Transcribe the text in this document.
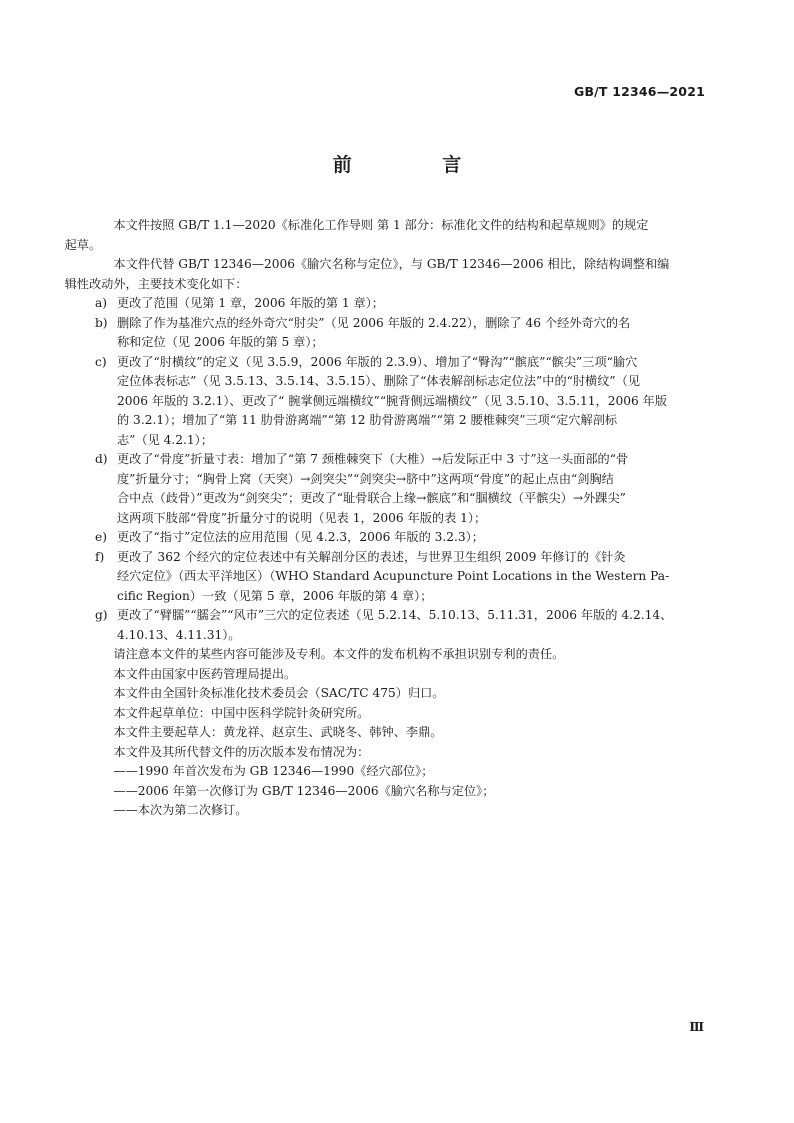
GB/T 12346—2021
前 言

本文件按照 GB/T 1.1—2020《标准化工作导则 第 1 部分：标准化文件的结构和起草规则》的规定
起草。

本文件代替 GB/T 12346—2006《腧穴名称与定位》，与 GB/T 12346—2006 相比，除结构调整和编
辑性改动外，主要技术变化如下：

a) 更改了范围（见第 1 章，2006 年版的第 1 章）；
b) 删除了作为基准穴点的经外奇穴“肘尖”（见 2006 年版的 2.4.22），删除了 46 个经外奇穴的名
称和定位（见 2006 年版的第 5 章）；
c) 更改了“肘横纹”的定义（见 3.5.9，2006 年版的 2.3.9）、增加了“臀沟”“髌底”“髌尖”三项“腧穴
定位体表标志”（见 3.5.13、3.5.14、3.5.15）、删除了“体表解剖标志定位法”中的“肘横纹”（见
2006 年版的 3.2.1）、更改了“ 腕掌侧远端横纹”“腕背侧远端横纹”（见 3.5.10、3.5.11，2006 年版
的 3.2.1）；增加了“第 11 肋骨游离端”“第 12 肋骨游离端”“第 2 腰椎棘突”三项“定穴解剖标
志”（见 4.2.1）；
d) 更改了“骨度”折量寸表：增加了“第 7 颈椎棘突下（大椎）→后发际正中 3 寸”这一头面部的“骨
度”折量分寸；“胸骨上窝（天突）→剑突尖”“剑突尖→脐中”这两项“骨度”的起止点由“剑胸结
合中点（歧骨）”更改为“剑突尖”；更改了“耻骨联合上缘→髌底”和“腘横纹（平髌尖）→外踝尖”
这两项下肢部“骨度”折量分寸的说明（见表 1，2006 年版的表 1）；
e) 更改了“指寸”定位法的应用范围（见 4.2.3，2006 年版的 3.2.3）；
f)	更改了 362 个经穴的定位表述中有关解剖分区的表述，与世界卫生组织 2009 年修订的《针灸
经穴定位》（西太平洋地区）（WHO Standard Acupuncture Point Locations in the Western Pa-
cific Region）一致（见第 5 章，2006 年版的第 4 章）；
g) 更改了“臂臑”“臑会”“风市”三穴的定位表述（见 5.2.14、5.10.13、5.11.31，2006 年版的 4.2.14、
4.10.13、4.11.31）。

请注意本文件的某些内容可能涉及专利。本文件的发布机构不承担识别专利的责任。

本文件由国家中医药管理局提出。

本文件由全国针灸标准化技术委员会（SAC/TC 475）归口。

本文件起草单位：中国中医科学院针灸研究所。

本文件主要起草人：黄龙祥、赵京生、武晓冬、韩钟、李鼎。

本文件及其所代替文件的历次版本发布情况为：

——1990 年首次发布为 GB 12346—1990《经穴部位》；

——2006 年第一次修订为 GB/T 12346—2006《腧穴名称与定位》；

——本次为第二次修订。

Ⅲ
